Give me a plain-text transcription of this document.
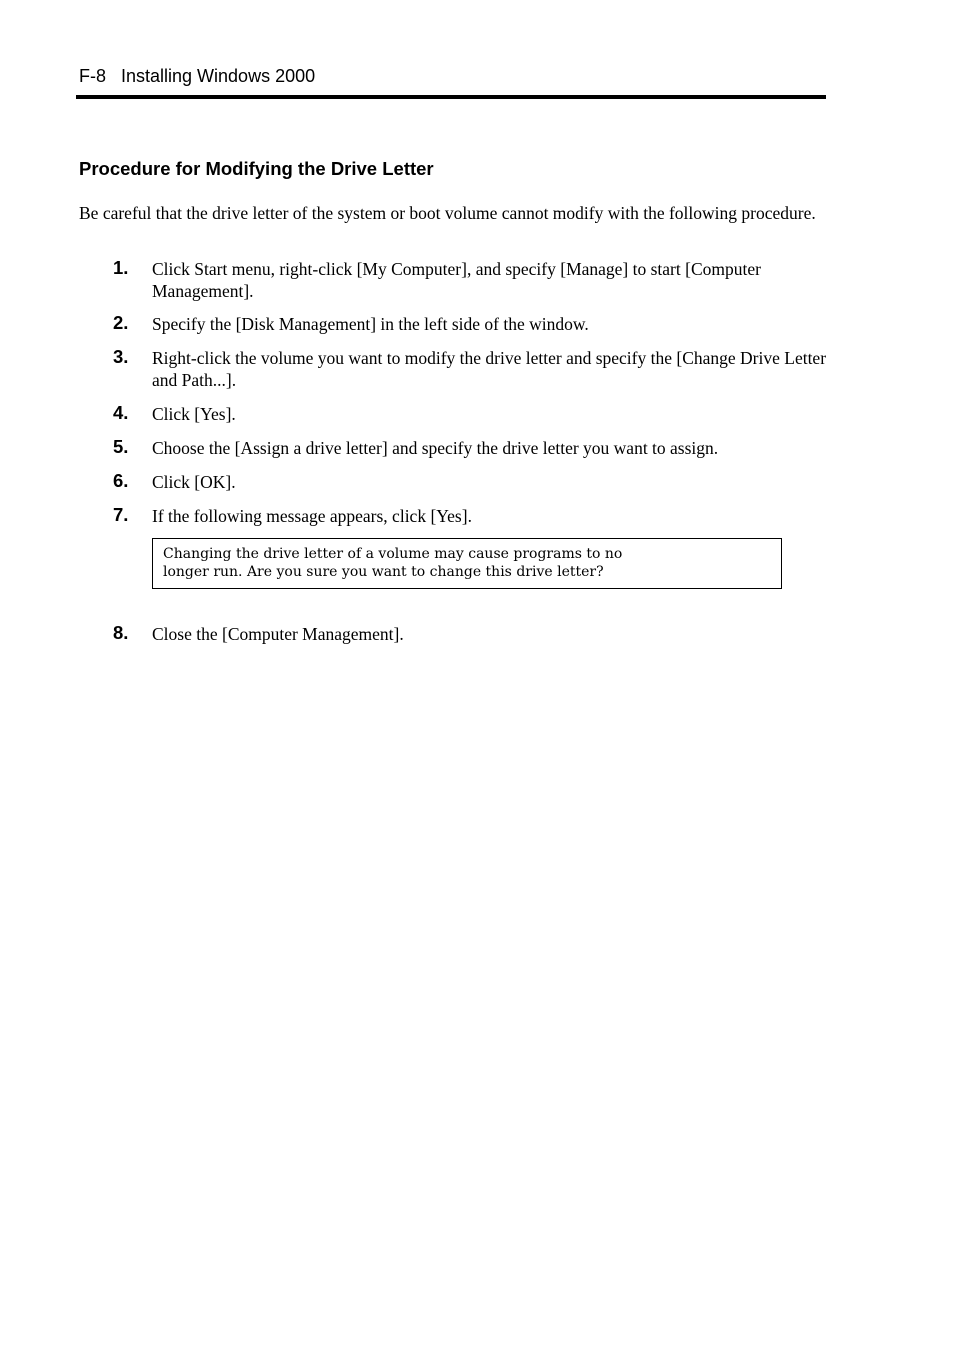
F-8 Installing Windows 2000
Procedure for Modifying the Drive Letter

Be careful that the drive letter of the system or boot volume cannot modify with the following procedure.

1. Click Start menu, right-click [My Computer], and specify [Manage] to start [Computer Management].
2. Specify the [Disk Management] in the left side of the window.
3. Right-click the volume you want to modify the drive letter and specify the [Change Drive Letter and Path...].
4. Click [Yes].
5. Choose the [Assign a drive letter] and specify the drive letter you want to assign.
6. Click [OK].
7. If the following message appears, click [Yes].
Changing the drive letter of a volume may cause programs to no longer run. Are you sure you want to change this drive letter?
8. Close the [Computer Management].
